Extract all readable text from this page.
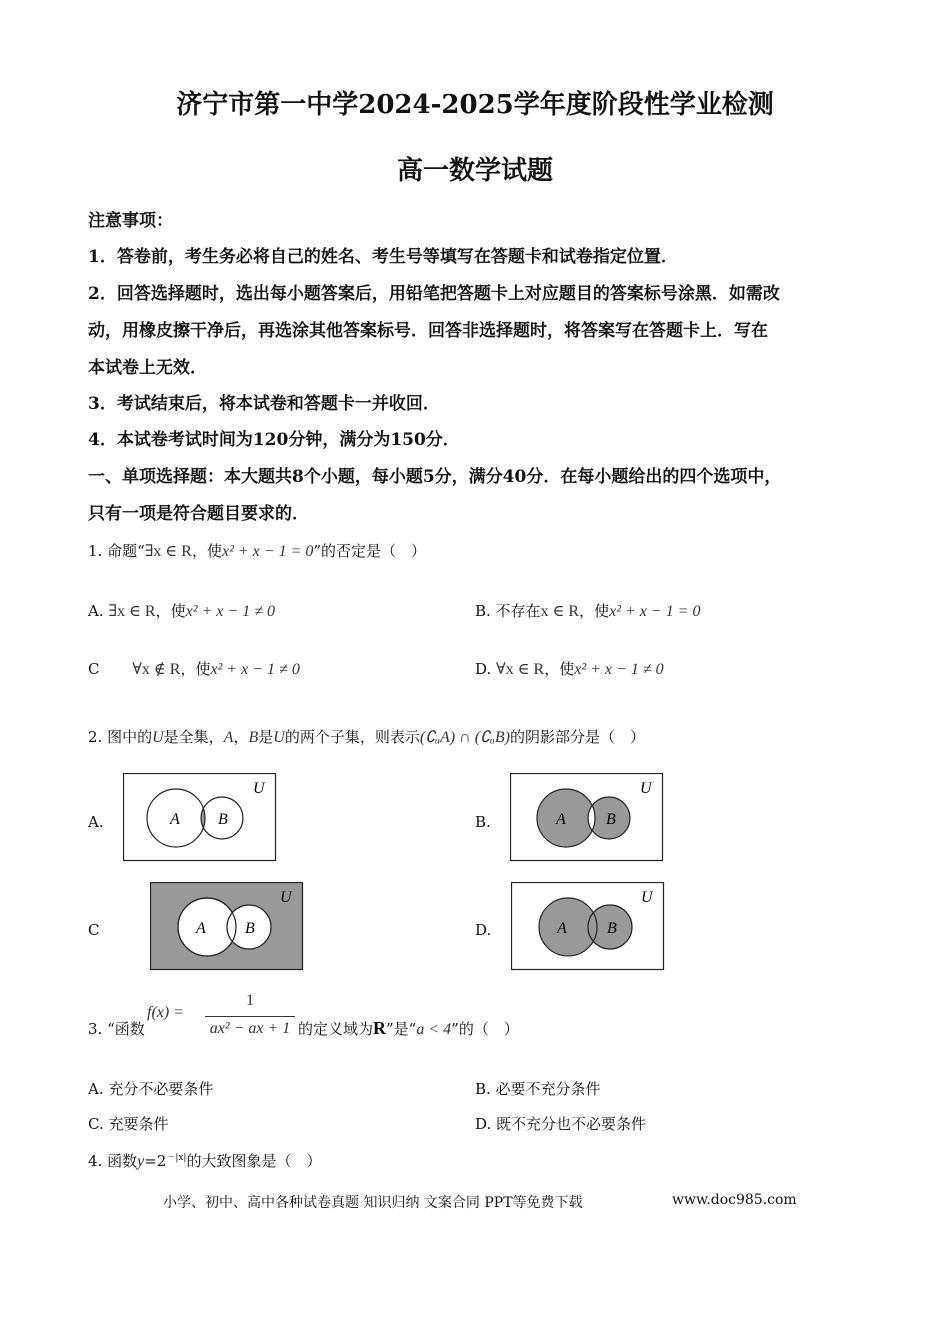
济宁市第一中学2024-2025学年度阶段性学业检测
高一数学试题
注意事项：
1．答卷前，考生务必将自己的姓名、考生号等填写在答题卡和试卷指定位置．
2．回答选择题时，选出每小题答案后，用铅笔把答题卡上对应题目的答案标号涂黑．如需改
动，用橡皮擦干净后，再选涂其他答案标号．回答非选择题时，将答案写在答题卡上．写在
本试卷上无效．
3．考试结束后，将本试卷和答题卡一并收回．
4．本试卷考试时间为120分钟，满分为150分．
一、单项选择题：本大题共8个小题，每小题5分，满分40分．在每小题给出的四个选项中，
只有一项是符合题目要求的．
1. 命题“∃x ∈ R，使x² + x − 1 = 0”的否定是（　）
A. ∃x ∈ R，使x² + x − 1 ≠ 0	B. 不存在x ∈ R，使x² + x − 1 = 0
C ∀x ∉ R，使x² + x − 1 ≠ 0	D. ∀x ∈ R，使x² + x − 1 ≠ 0
2. 图中的U是全集，A，B是U的两个子集，则表示(∁ᵤA) ∩ (∁ᵤB)的阴影部分是（　）
A.	B.
C	D.
A B
U
A	B
U
A B
U
A	B
U
3. “函数
f(x) =
1
ax² − ax + 1 的定义域为R”是“a < 4”的（　）
A. 充分不必要条件	B. 必要不充分条件
C. 充要条件	D. 既不充分也不必要条件
4. 函数$y=2^{-|x|}$的大致图象是（　）
小学、初中、高中各种试卷真题 知识归纳 文案合同 PPT等免费下载	www.doc985.com
